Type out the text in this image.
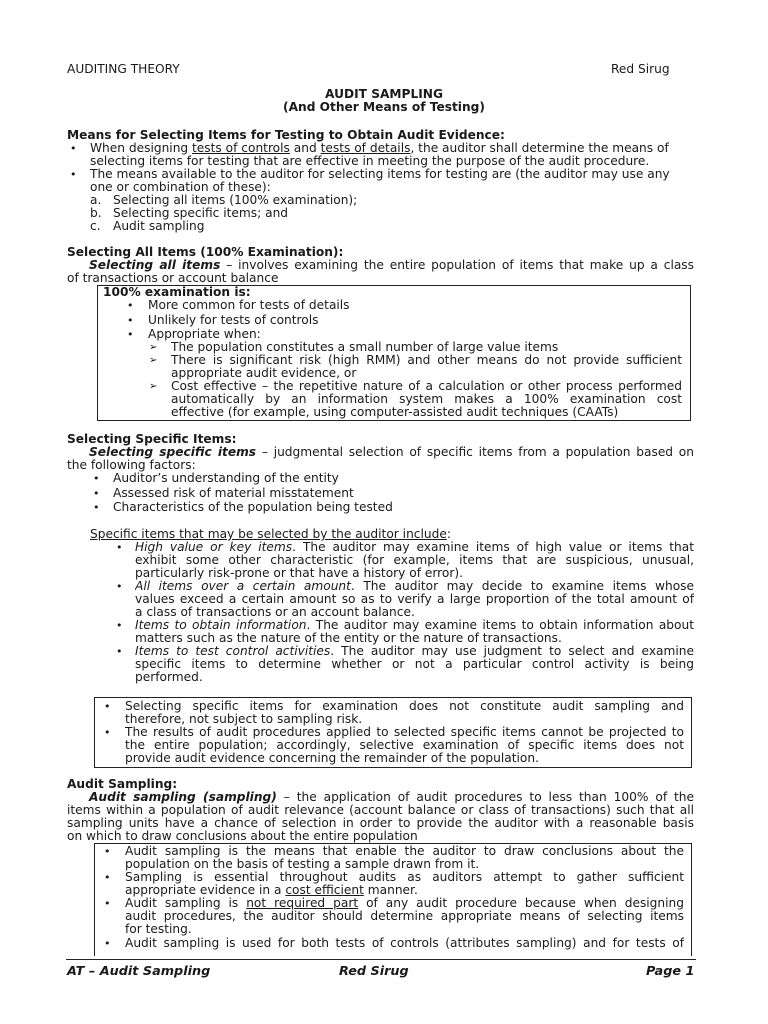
AUDITING THEORY	Red Sirug
AUDIT SAMPLING
(And Other Means of Testing)
Means for Selecting Items for Testing to Obtain Audit Evidence:
• When designing tests of controls and tests of details, the auditor shall determine the means of
selecting items for testing that are effective in meeting the purpose of the audit procedure.
• The means available to the auditor for selecting items for testing are (the auditor may use any
one or combination of these):
a. Selecting all items (100% examination);
b. Selecting specific items; and
c. Audit sampling
Selecting All Items (100% Examination):
Selecting all items – involves examining the entire population of items that make up a class
of transactions or account balance
100% examination is:
• More common for tests of details
• Unlikely for tests of controls
• Appropriate when:
➢ The population constitutes a small number of large value items
➢ There is significant risk (high RMM) and other means do not provide sufficient
appropriate audit evidence, or
➢ Cost effective – the repetitive nature of a calculation or other process performed
automatically by an information system makes a 100% examination cost
effective (for example, using computer-assisted audit techniques (CAATs)
Selecting Specific Items:
Selecting specific items – judgmental selection of specific items from a population based on
the following factors:
• Auditor’s understanding of the entity
• Assessed risk of material misstatement
• Characteristics of the population being tested
Specific items that may be selected by the auditor include:
• High value or key items. The auditor may examine items of high value or items that
exhibit some other characteristic (for example, items that are suspicious, unusual,
particularly risk-prone or that have a history of error).
• All items over a certain amount. The auditor may decide to examine items whose
values exceed a certain amount so as to verify a large proportion of the total amount of
a class of transactions or an account balance.
• Items to obtain information. The auditor may examine items to obtain information about
matters such as the nature of the entity or the nature of transactions.
• Items to test control activities. The auditor may use judgment to select and examine
specific items to determine whether or not a particular control activity is being
performed.
• Selecting specific items for examination does not constitute audit sampling and
therefore, not subject to sampling risk.
• The results of audit procedures applied to selected specific items cannot be projected to
the entire population; accordingly, selective examination of specific items does not
provide audit evidence concerning the remainder of the population.
Audit Sampling:
Audit sampling (sampling) – the application of audit procedures to less than 100% of the
items within a population of audit relevance (account balance or class of transactions) such that all
sampling units have a chance of selection in order to provide the auditor with a reasonable basis
on which to draw conclusions about the entire population
• Audit sampling is the means that enable the auditor to draw conclusions about the
population on the basis of testing a sample drawn from it.
• Sampling is essential throughout audits as auditors attempt to gather sufficient
appropriate evidence in a cost efficient manner.
• Audit sampling is not required part of any audit procedure because when designing
audit procedures, the auditor should determine appropriate means of selecting items
for testing.
• Audit sampling is used for both tests of controls (attributes sampling) and for tests of
AT – Audit Sampling	Red Sirug	Page 1
